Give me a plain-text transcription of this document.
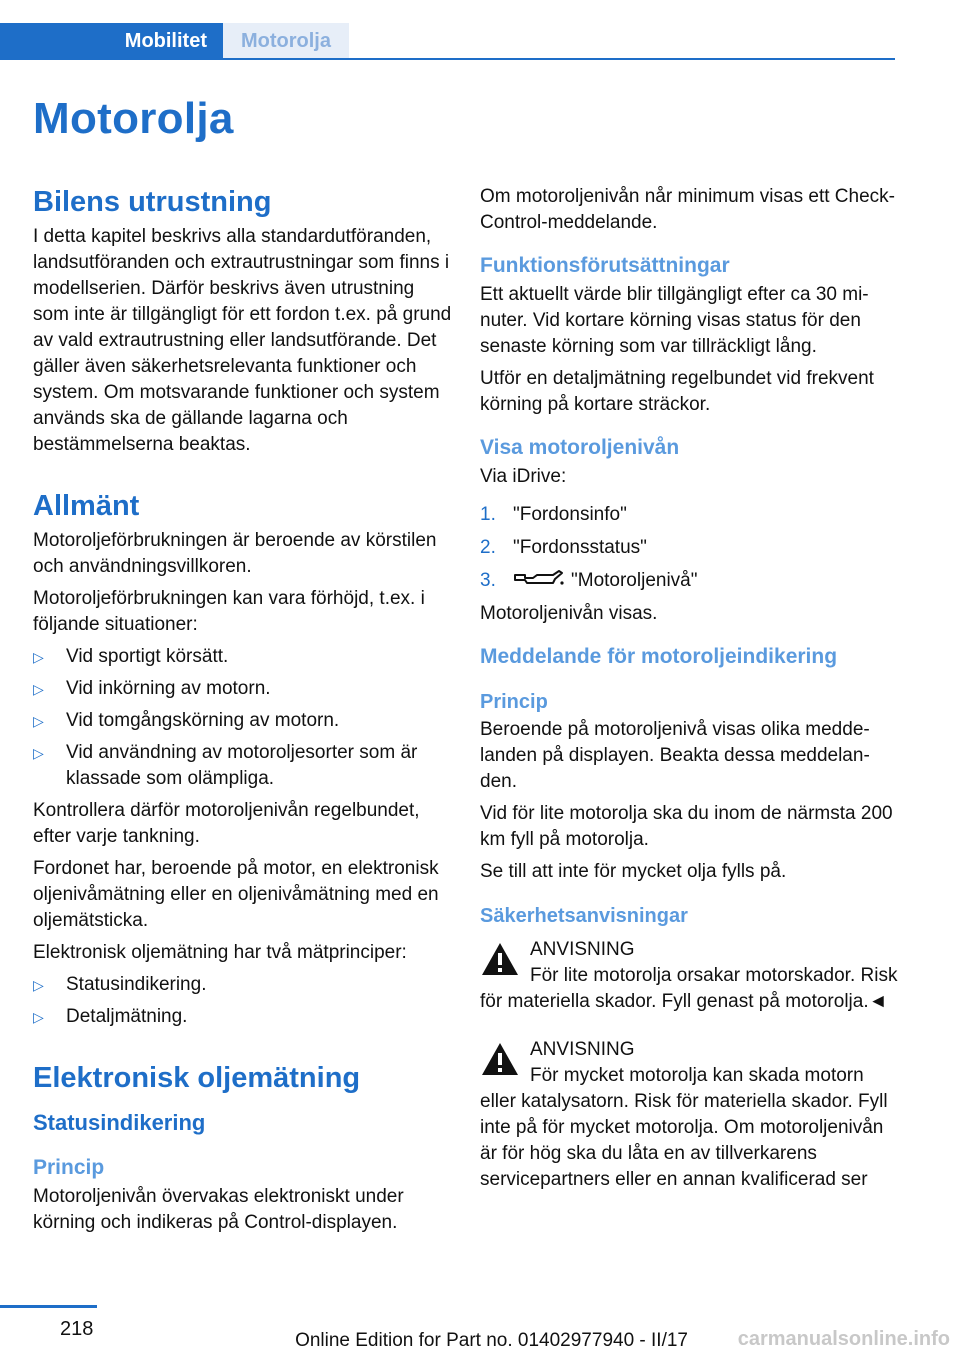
Mobilitet Motorolja
Motorolja
Bilens utrustning

I detta kapitel beskrivs alla standardutföranden, landsutföranden och extrautrustningar som finns i modellserien. Därför beskrivs även utrustning som inte är tillgängligt för ett fordon t.ex. på grund av vald extrautrustning eller landsutförande. Det gäller även säkerhetsrelevanta funktioner och system. Om motsvarande funktioner och system används ska de gällande lagarna och bestämmelserna beaktas.

Allmänt

Motoroljeförbrukningen är beroende av körstilen och användningsvillkoren.

Motoroljeförbrukningen kan vara förhöjd, t.ex. i följande situationer:

▷ Vid sportigt körsätt.
▷ Vid inkörning av motorn.
▷ Vid tomgångskörning av motorn.
▷ Vid användning av motoroljesorter som är klassade som olämpliga.

Kontrollera därför motoroljenivån regelbundet, efter varje tankning.

Fordonet har, beroende på motor, en elektronisk oljenivåmätning eller en oljenivåmätning med en oljemätsticka.

Elektronisk oljemätning har två mätprinciper:

▷ Statusindikering.
▷ Detaljmätning.
Elektronisk oljemätning
Statusindikering
Princip

Motoroljenivån övervakas elektroniskt under körning och indikeras på Control-displayen.

Om motoroljenivån når minimum visas ett Check-Control-meddelande.

Funktionsförutsättningar

Ett aktuellt värde blir tillgängligt efter ca 30 minuter. Vid kortare körning visas status för den senaste körning som var tillräckligt lång.

Utför en detaljmätning regelbundet vid frekvent körning på kortare sträckor.

Visa motoroljenivån

Via iDrive:

1. "Fordonsinfo"
2. "Fordonsstatus"
3.	"Motoroljenivå"

Motoroljenivån visas.

Meddelande för motoroljeindikering
Princip

Beroende på motoroljenivå visas olika meddelanden på displayen. Beakta dessa meddelanden.

Vid för lite motorolja ska du inom de närmsta 200 km fyll på motorolja.

Se till att inte för mycket olja fylls på.

Säkerhetsanvisningar
ANVISNING
För lite motorolja orsakar motorskador. Risk för materiella skador. Fyll genast på motorolja.◄
ANVISNING
För mycket motorolja kan skada motorn eller katalysatorn. Risk för materiella skador. Fyll inte på för mycket motorolja. Om motoroljenivån är för hög ska du låta en av tillverkarens servicepartners eller en annan kvalificerad ser
218
Online Edition for Part no. 01402977940 - II/17 carmanualsonline.info
